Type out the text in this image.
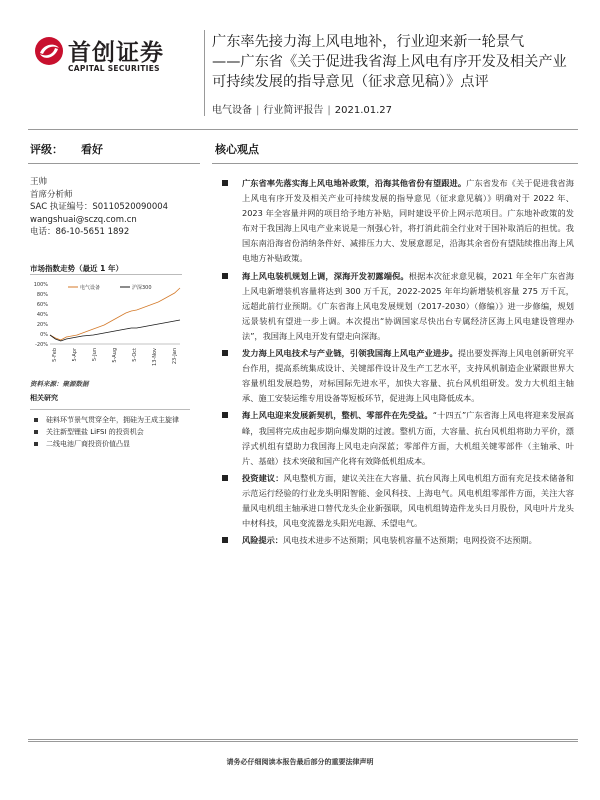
首创证券
CAPITAL SECURITIES
广东率先接力海上风电地补，行业迎来新一轮景气
——广东省《关于促进我省海上风电有序开发及相关产业
可持续发展的指导意见（征求意见稿）》点评
电气设备 | 行业简评报告 | 2021.01.27
评级： 看好	核心观点
王帅
首席分析师
SAC 执证编号：S0110520090004
wangshuai@sczq.com.cn
电话：86-10-5651 1892
市场指数走势（最近 1 年）
100%
80%
60%
40%
20%
0%
-20%
5-Feb	5-Apr	5-Jun	5-Aug	5-Oct	13-Nov	23-Jan
电气设备	沪深300
资料来源：聚源数据
相关研究
硅料环节景气贯穿全年，拥硅为王成主旋律
关注新型锂盐 LiFSI 的投资机会
二线电池厂商投资价值凸显
广东省率先落实海上风电地补政策，沿海其他省份有望跟进。广东省发布《关于促进我省海上风电有序开发及相关产业可持续发展的指导意见（征求意见稿）》明确对于 2022 年、2023 年全容量并网的项目给予地方补贴，同时建设平价上网示范项目。广东地补政策的发布对于我国海上风电产业来说是一剂强心针，将打消此前全行业对于国补取消后的担忧。我国东南沿海省份消纳条件好、减排压力大、发展意愿足，沿海其余省份有望陆续推出海上风电地方补贴政策。
海上风电装机规划上调，深海开发初露端倪。根据本次征求意见稿，2021 年全年广东省海上风电新增装机容量将达到 300 万千瓦，2022-2025 年年均新增装机容量 275 万千瓦，远超此前行业预期。《广东省海上风电发展规划（2017-2030）（修编）》进一步修编，规划远景装机有望进一步上调。本次提出“协调国家尽快出台专属经济区海上风电建设管理办法”，我国海上风电开发有望走向深海。
发力海上风电技术与产业链，引领我国海上风电产业进步。提出要发挥海上风电创新研究平台作用，提高系统集成设计、关键部件设计及生产工艺水平，支持风机制造企业紧跟世界大容量机组发展趋势，对标国际先进水平，加快大容量、抗台风机组研发。发力大机组主轴承、施工安装运维专用设备等短板环节，促进海上风电降低成本。
海上风电迎来发展新契机，整机、零部件在先受益。“十四五”广东省海上风电将迎来发展高峰，我国将完成由起步期向爆发期的过渡。整机方面，大容量、抗台风机组将助力平价，漂浮式机组有望助力我国海上风电走向深蓝；零部件方面，大机组关键零部件（主轴承、叶片、基础）技术突破和国产化将有效降低机组成本。
投资建议：风电整机方面，建议关注在大容量、抗台风海上风电机组方面有充足技术储备和示范运行经验的行业龙头明阳智能、金风科技、上海电气。风电机组零部件方面，关注大容量风电机组主轴承进口替代龙头企业新强联，风电机组铸造件龙头日月股份，风电叶片龙头中材科技，风电变流器龙头阳光电源、禾望电气。
风险提示：风电技术进步不达预期；风电装机容量不达预期；电网投资不达预期。
请务必仔细阅读本报告最后部分的重要法律声明
